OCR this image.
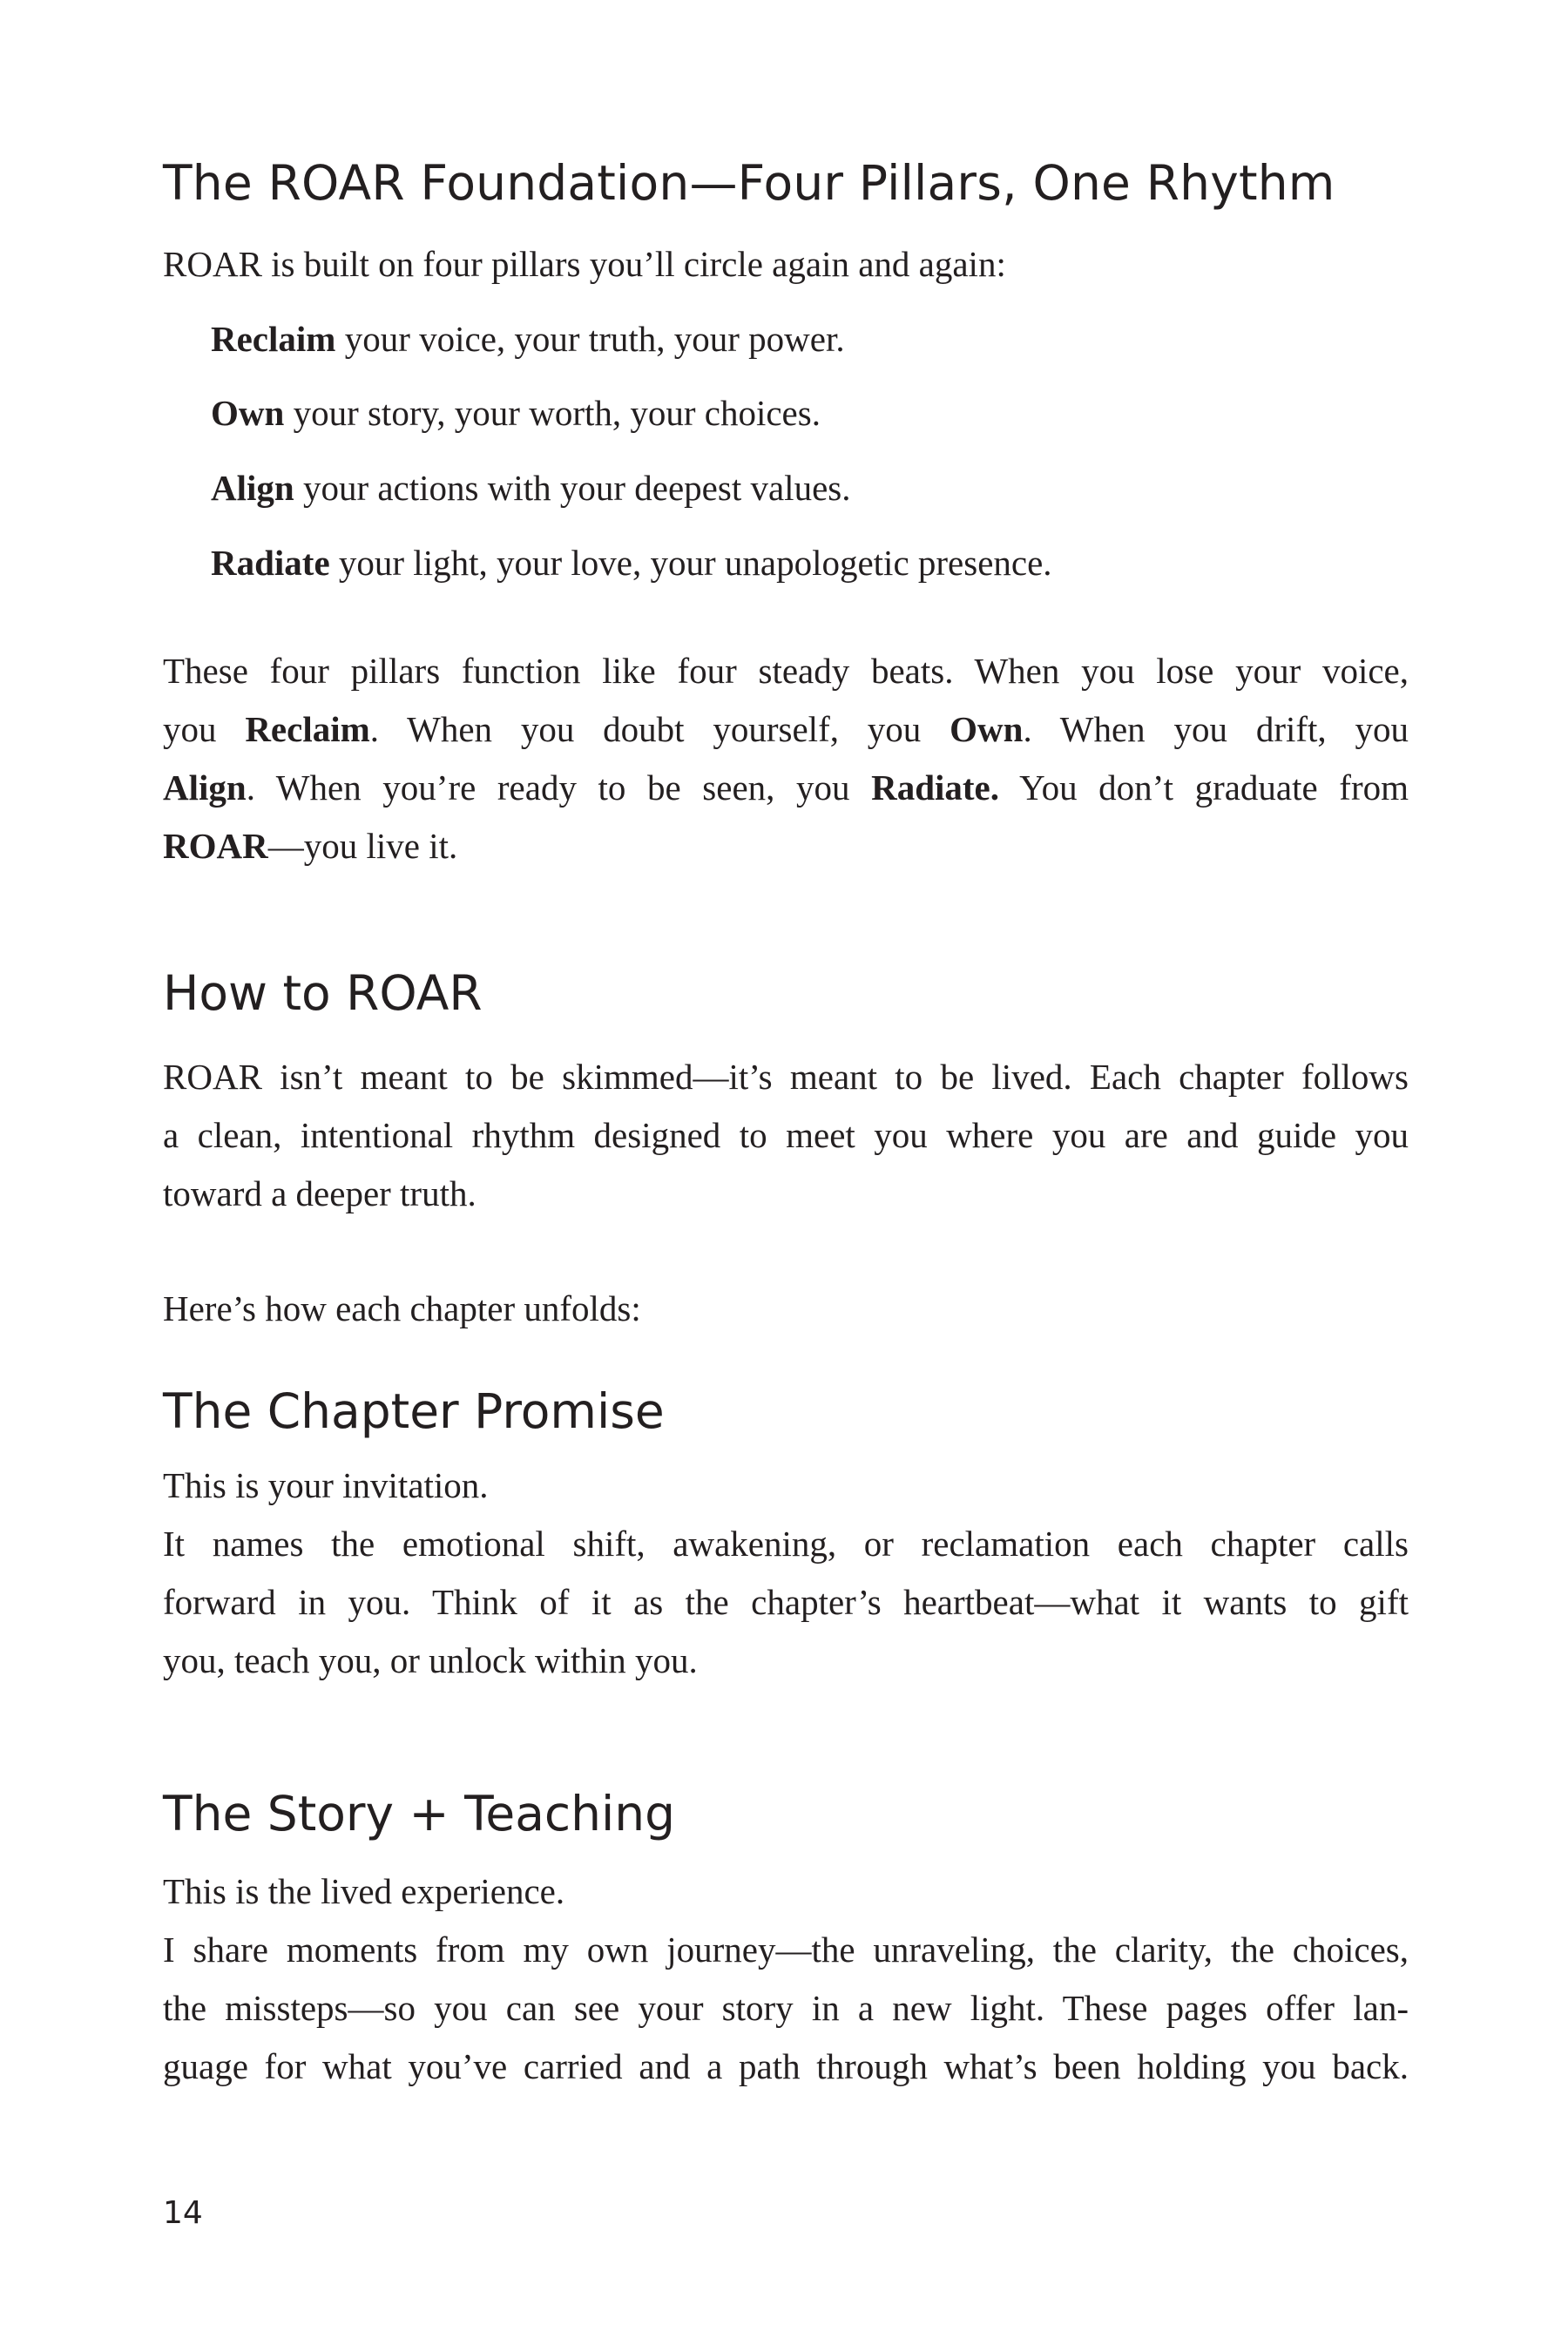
The ROAR Foundation—Four Pillars, One Rhythm

ROAR is built on four pillars you’ll circle again and again:

Reclaim your voice, your truth, your power.

Own your story, your worth, your choices.

Align your actions with your deepest values.

Radiate your light, your love, your unapologetic presence.

These four pillars function like four steady beats. When you lose your voice,
you Reclaim. When you doubt yourself, you Own. When you drift, you
Align. When you’re ready to be seen, you Radiate. You don’t graduate from
ROAR—you live it.
How to ROAR
ROAR isn’t meant to be skimmed—it’s meant to be lived. Each chapter follows
a clean, intentional rhythm designed to meet you where you are and guide you
toward a deeper truth.

Here’s how each chapter unfolds:

The Chapter Promise
This is your invitation.
It names the emotional shift, awakening, or reclamation each chapter calls
forward in you. Think of it as the chapter’s heartbeat—what it wants to gift
you, teach you, or unlock within you.
The Story + Teaching
This is the lived experience.
I share moments from my own journey—the unraveling, the clarity, the choices,
the missteps—so you can see your story in a new light. These pages offer lan-
guage for what you’ve carried and a path through what’s been holding you back.
14
